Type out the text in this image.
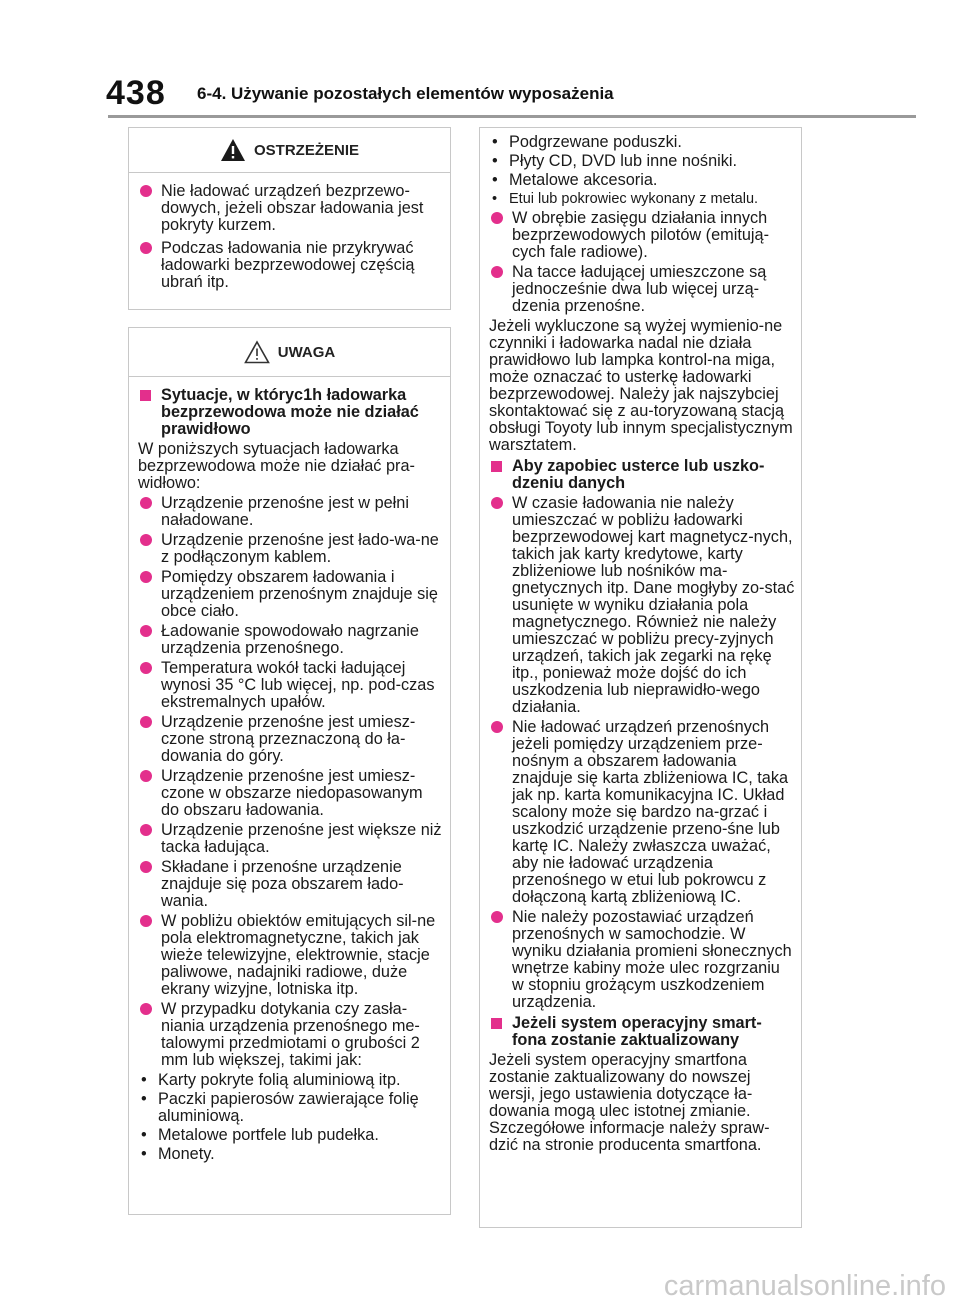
438 6-4. Używanie pozostałych elementów wyposażenia
OSTRZEŻENIE
Nie ładować urządzeń bezprzewo-dowych, jeżeli obszar ładowania jest pokryty kurzem.
Podczas ładowania nie przykrywać ładowarki bezprzewodowej częścią ubrań itp.
UWAGA
Sytuacje, w któryc1h ładowarka bezprzewodowa może nie działać prawidłowo
W poniższych sytuacjach ładowarka bezprzewodowa może nie działać pra-widłowo:
Urządzenie przenośne jest w pełni naładowane.
Urządzenie przenośne jest łado-wa-ne z podłączonym kablem.
Pomiędzy obszarem ładowania i urządzeniem przenośnym znajduje się obce ciało.
Ładowanie spowodowało nagrzanie urządzenia przenośnego.
Temperatura wokół tacki ładującej wynosi 35 °C lub więcej, np. pod-czas ekstremalnych upałów.
Urządzenie przenośne jest umiesz-czone stroną przeznaczoną do ła-dowania do góry.
Urządzenie przenośne jest umiesz-czone w obszarze niedopasowanym do obszaru ładowania.
Urządzenie przenośne jest większe niż tacka ładująca.
Składane i przenośne urządzenie znajduje się poza obszarem łado-wania.
W pobliżu obiektów emitujących sil-ne pola elektromagnetyczne, takich jak wieże telewizyjne, elektrownie, stacje paliwowe, nadajniki radiowe, duże ekrany wizyjne, lotniska itp.
W przypadku dotykania czy zasła-niania urządzenia przenośnego me-talowymi przedmiotami o grubości 2 mm lub większej, takimi jak:
• Karty pokryte folią aluminiową itp.
• Paczki papierosów zawierające folię aluminiową.
• Metalowe portfele lub pudełka.
• Monety.
• Podgrzewane poduszki.
• Płyty CD, DVD lub inne nośniki.
• Metalowe akcesoria.
• Etui lub pokrowiec wykonany z metalu.
W obrębie zasięgu działania innych bezprzewodowych pilotów (emitują-cych fale radiowe).
Na tacce ładującej umieszczone są jednocześnie dwa lub więcej urzą-dzenia przenośne.
Jeżeli wykluczone są wyżej wymienio-ne czynniki i ładowarka nadal nie działa prawidłowo lub lampka kontrol-na miga, może oznaczać to usterkę ładowarki bezprzewodowej. Należy jak najszybciej skontaktować się z au-toryzowaną stacją obsługi Toyoty lub innym specjalistycznym warsztatem.
Aby zapobiec usterce lub uszko-dzeniu danych
W czasie ładowania nie należy umieszczać w pobliżu ładowarki bezprzewodowej kart magnetycz-nych, takich jak karty kredytowe, karty zbliżeniowe lub nośników ma-gnetycznych itp. Dane mogłyby zo-stać usunięte w wyniku działania pola magnetycznego. Również nie należy umieszczać w pobliżu precy-zyjnych urządzeń, takich jak zegarki na rękę itp., ponieważ może dojść do ich uszkodzenia lub nieprawidło-wego działania.
Nie ładować urządzeń przenośnych jeżeli pomiędzy urządzeniem prze-nośnym a obszarem ładowania znajduje się karta zbliżeniowa IC, taka jak np. karta komunikacyjna IC. Układ scalony może się bardzo na-grzać i uszkodzić urządzenie przeno-śne lub kartę IC. Należy zwłaszcza uważać, aby nie ładować urządzenia przenośnego w etui lub pokrowcu z dołączoną kartą zbliżeniową IC.
Nie należy pozostawiać urządzeń przenośnych w samochodzie. W wyniku działania promieni słonecznych wnętrze kabiny może ulec rozgrzaniu w stopniu grożącym uszkodzeniem urządzenia.
Jeżeli system operacyjny smart-fona zostanie zaktualizowany
Jeżeli system operacyjny smartfona zostanie zaktualizowany do nowszej wersji, jego ustawienia dotyczące ła-dowania mogą ulec istotnej zmianie. Szczegółowe informacje należy spraw-dzić na stronie producenta smartfona.
carmanualsonline.info
